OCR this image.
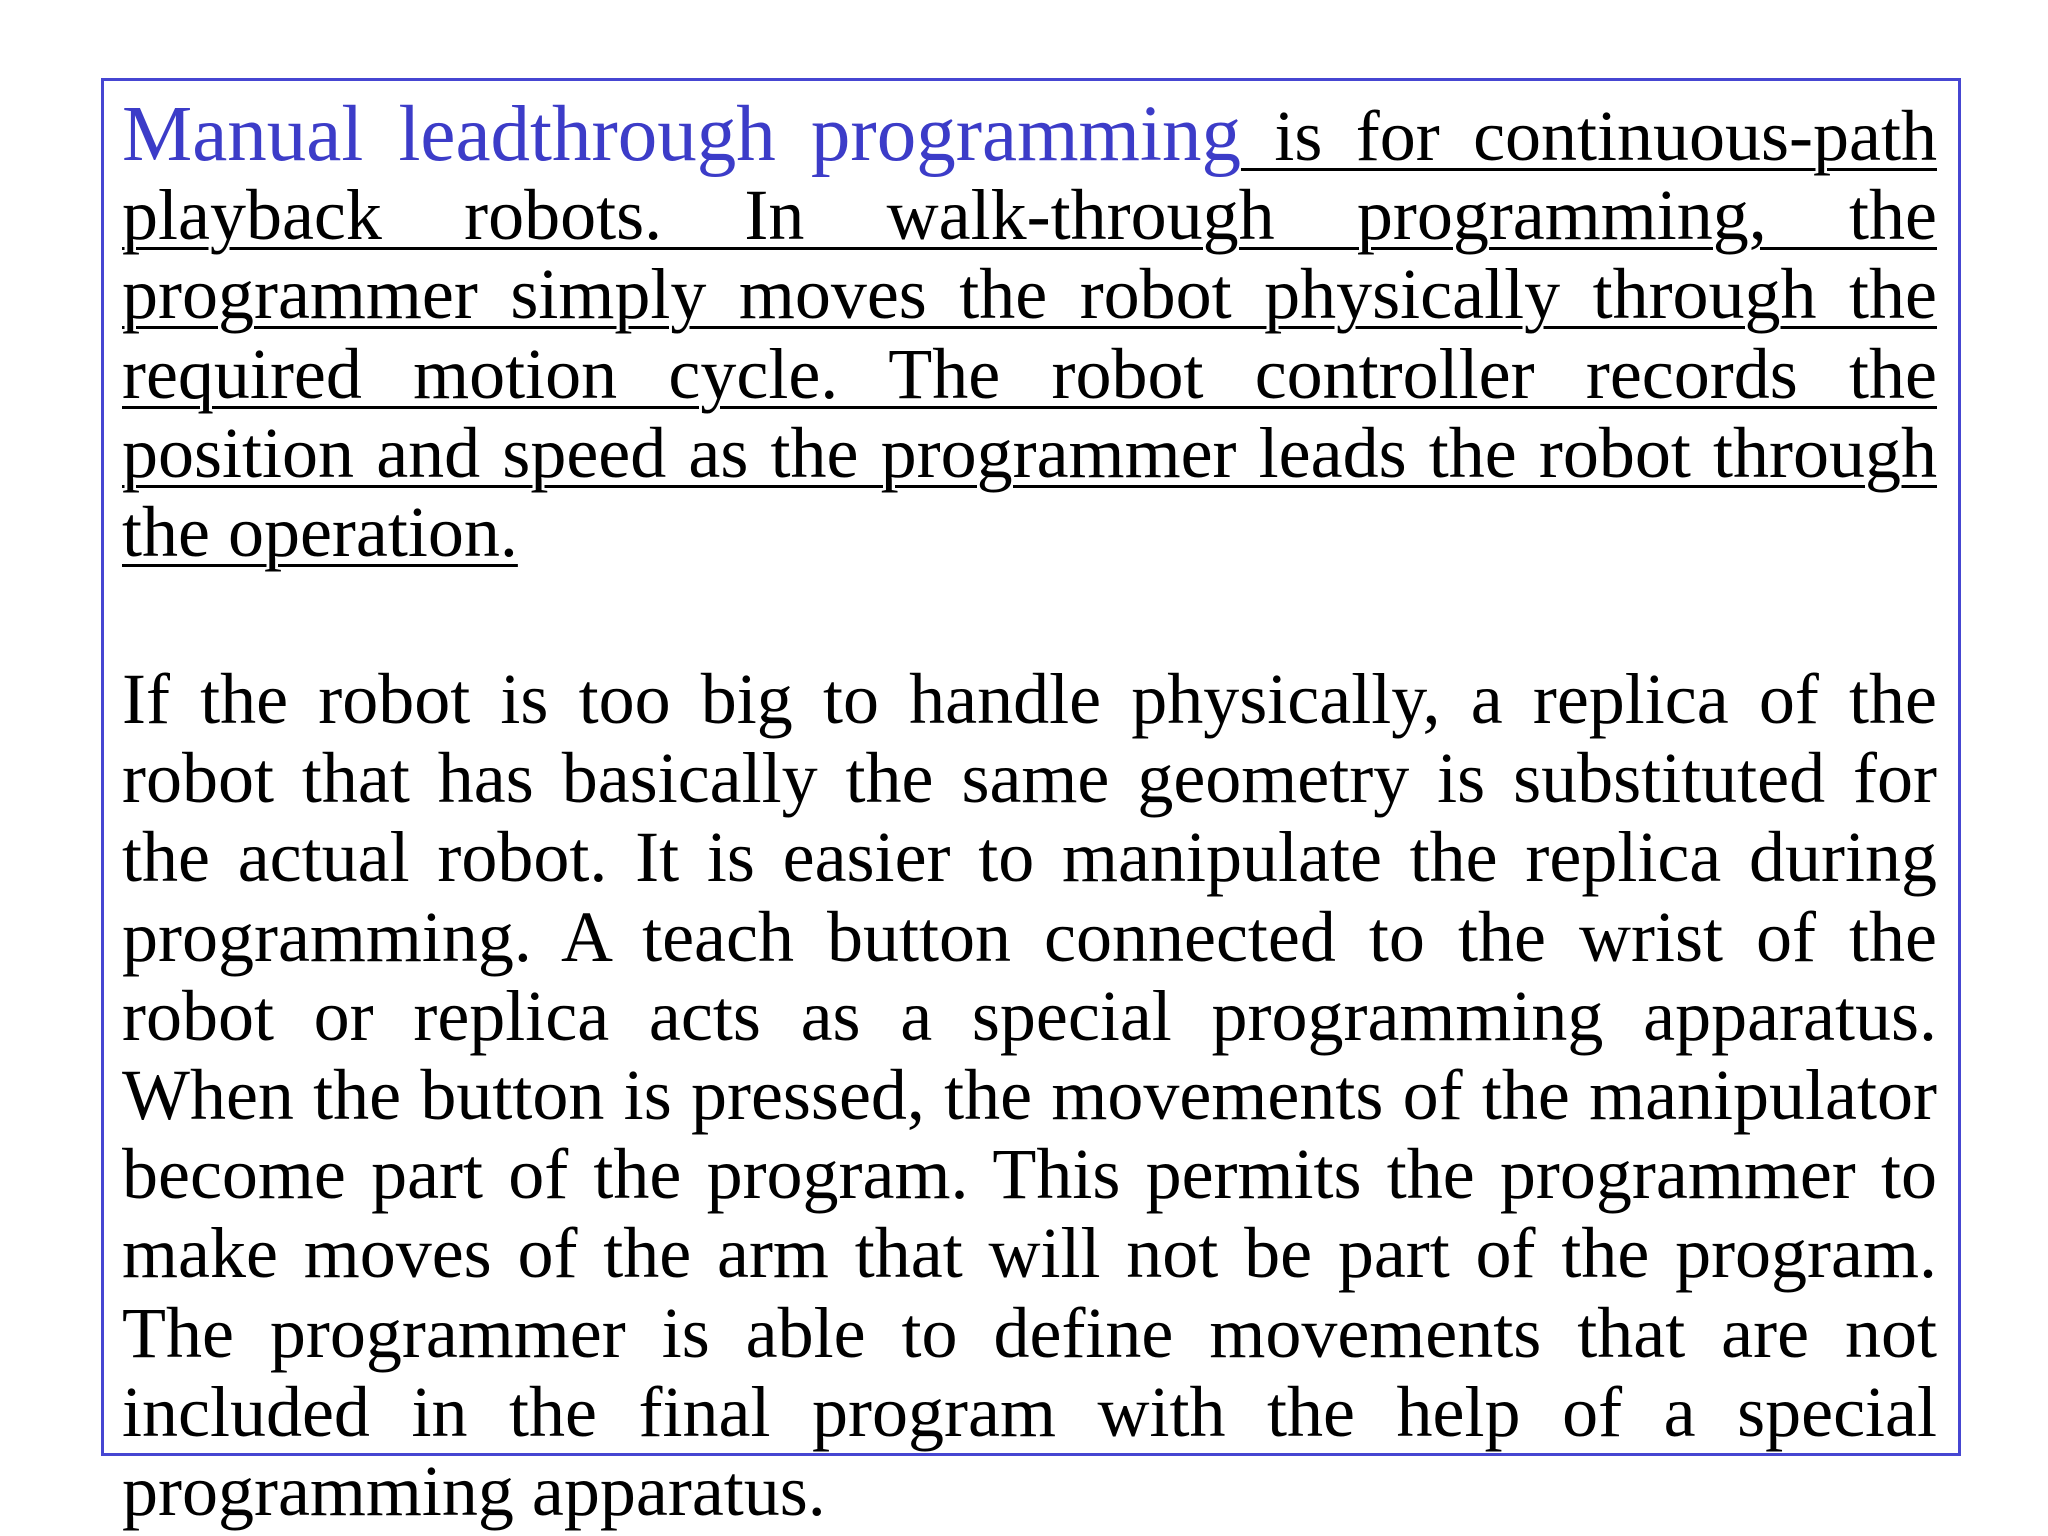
Manual leadthrough programming is for continuous-path playback robots. In walk-through programming, the programmer simply moves the robot physically through the required motion cycle. The robot controller records the position and speed as the programmer leads the robot through the operation.

If the robot is too big to handle physically, a replica of the robot that has basically the same geometry is substituted for the actual robot. It is easier to manipulate the replica during programming. A teach button connected to the wrist of the robot or replica acts as a special programming apparatus. When the button is pressed, the movements of the manipulator become part of the program. This permits the programmer to make moves of the arm that will not be part of the program. The programmer is able to define movements that are not included in the final program with the help of a special programming apparatus.
